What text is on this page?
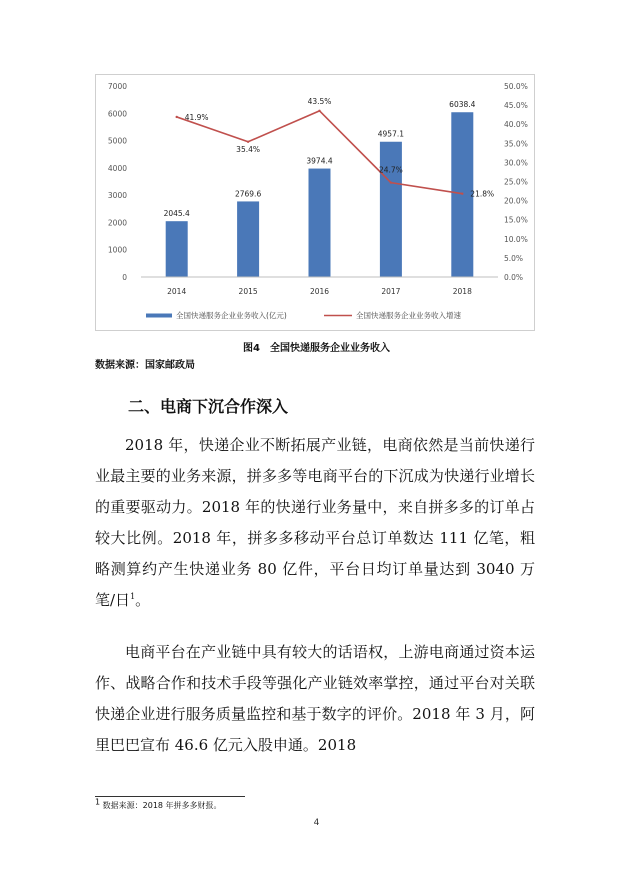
0
1000
2000
3000
4000
5000
6000
7000
0.0%
5.0%
10.0%
15.0%
20.0%
25.0%
30.0%
35.0%
40.0%
45.0%
50.0%
2045.4
2769.6
3974.4
4957.1
6038.4
2014	2015	2016	2017	2018
41.9%
35.4%
43.5%
24.7%
21.8%
全国快递服务企业业务收入(亿元)	全国快递服务企业业务收入增速
图4　全国快递服务企业业务收入
数据来源：国家邮政局
二、电商下沉合作深入

2018 年，快递企业不断拓展产业链，电商依然是当前快递行业最主要的业务来源，拼多多等电商平台的下沉成为快递行业增长的重要驱动力。2018 年的快递行业务量中，来自拼多多的订单占较大比例。2018 年，拼多多移动平台总订单数达 111 亿笔，粗略测算约产生快递业务 80 亿件，平台日均订单量达到 3040 万笔/日$^1$。

电商平台在产业链中具有较大的话语权，上游电商通过资本运作、战略合作和技术手段等强化产业链效率掌控，通过平台对关联快递企业进行服务质量监控和基于数字的评价。2018 年 3 月，阿里巴巴宣布 46.6 亿元入股申通。2018

$^1$ 数据来源：2018 年拼多多财报。
4
